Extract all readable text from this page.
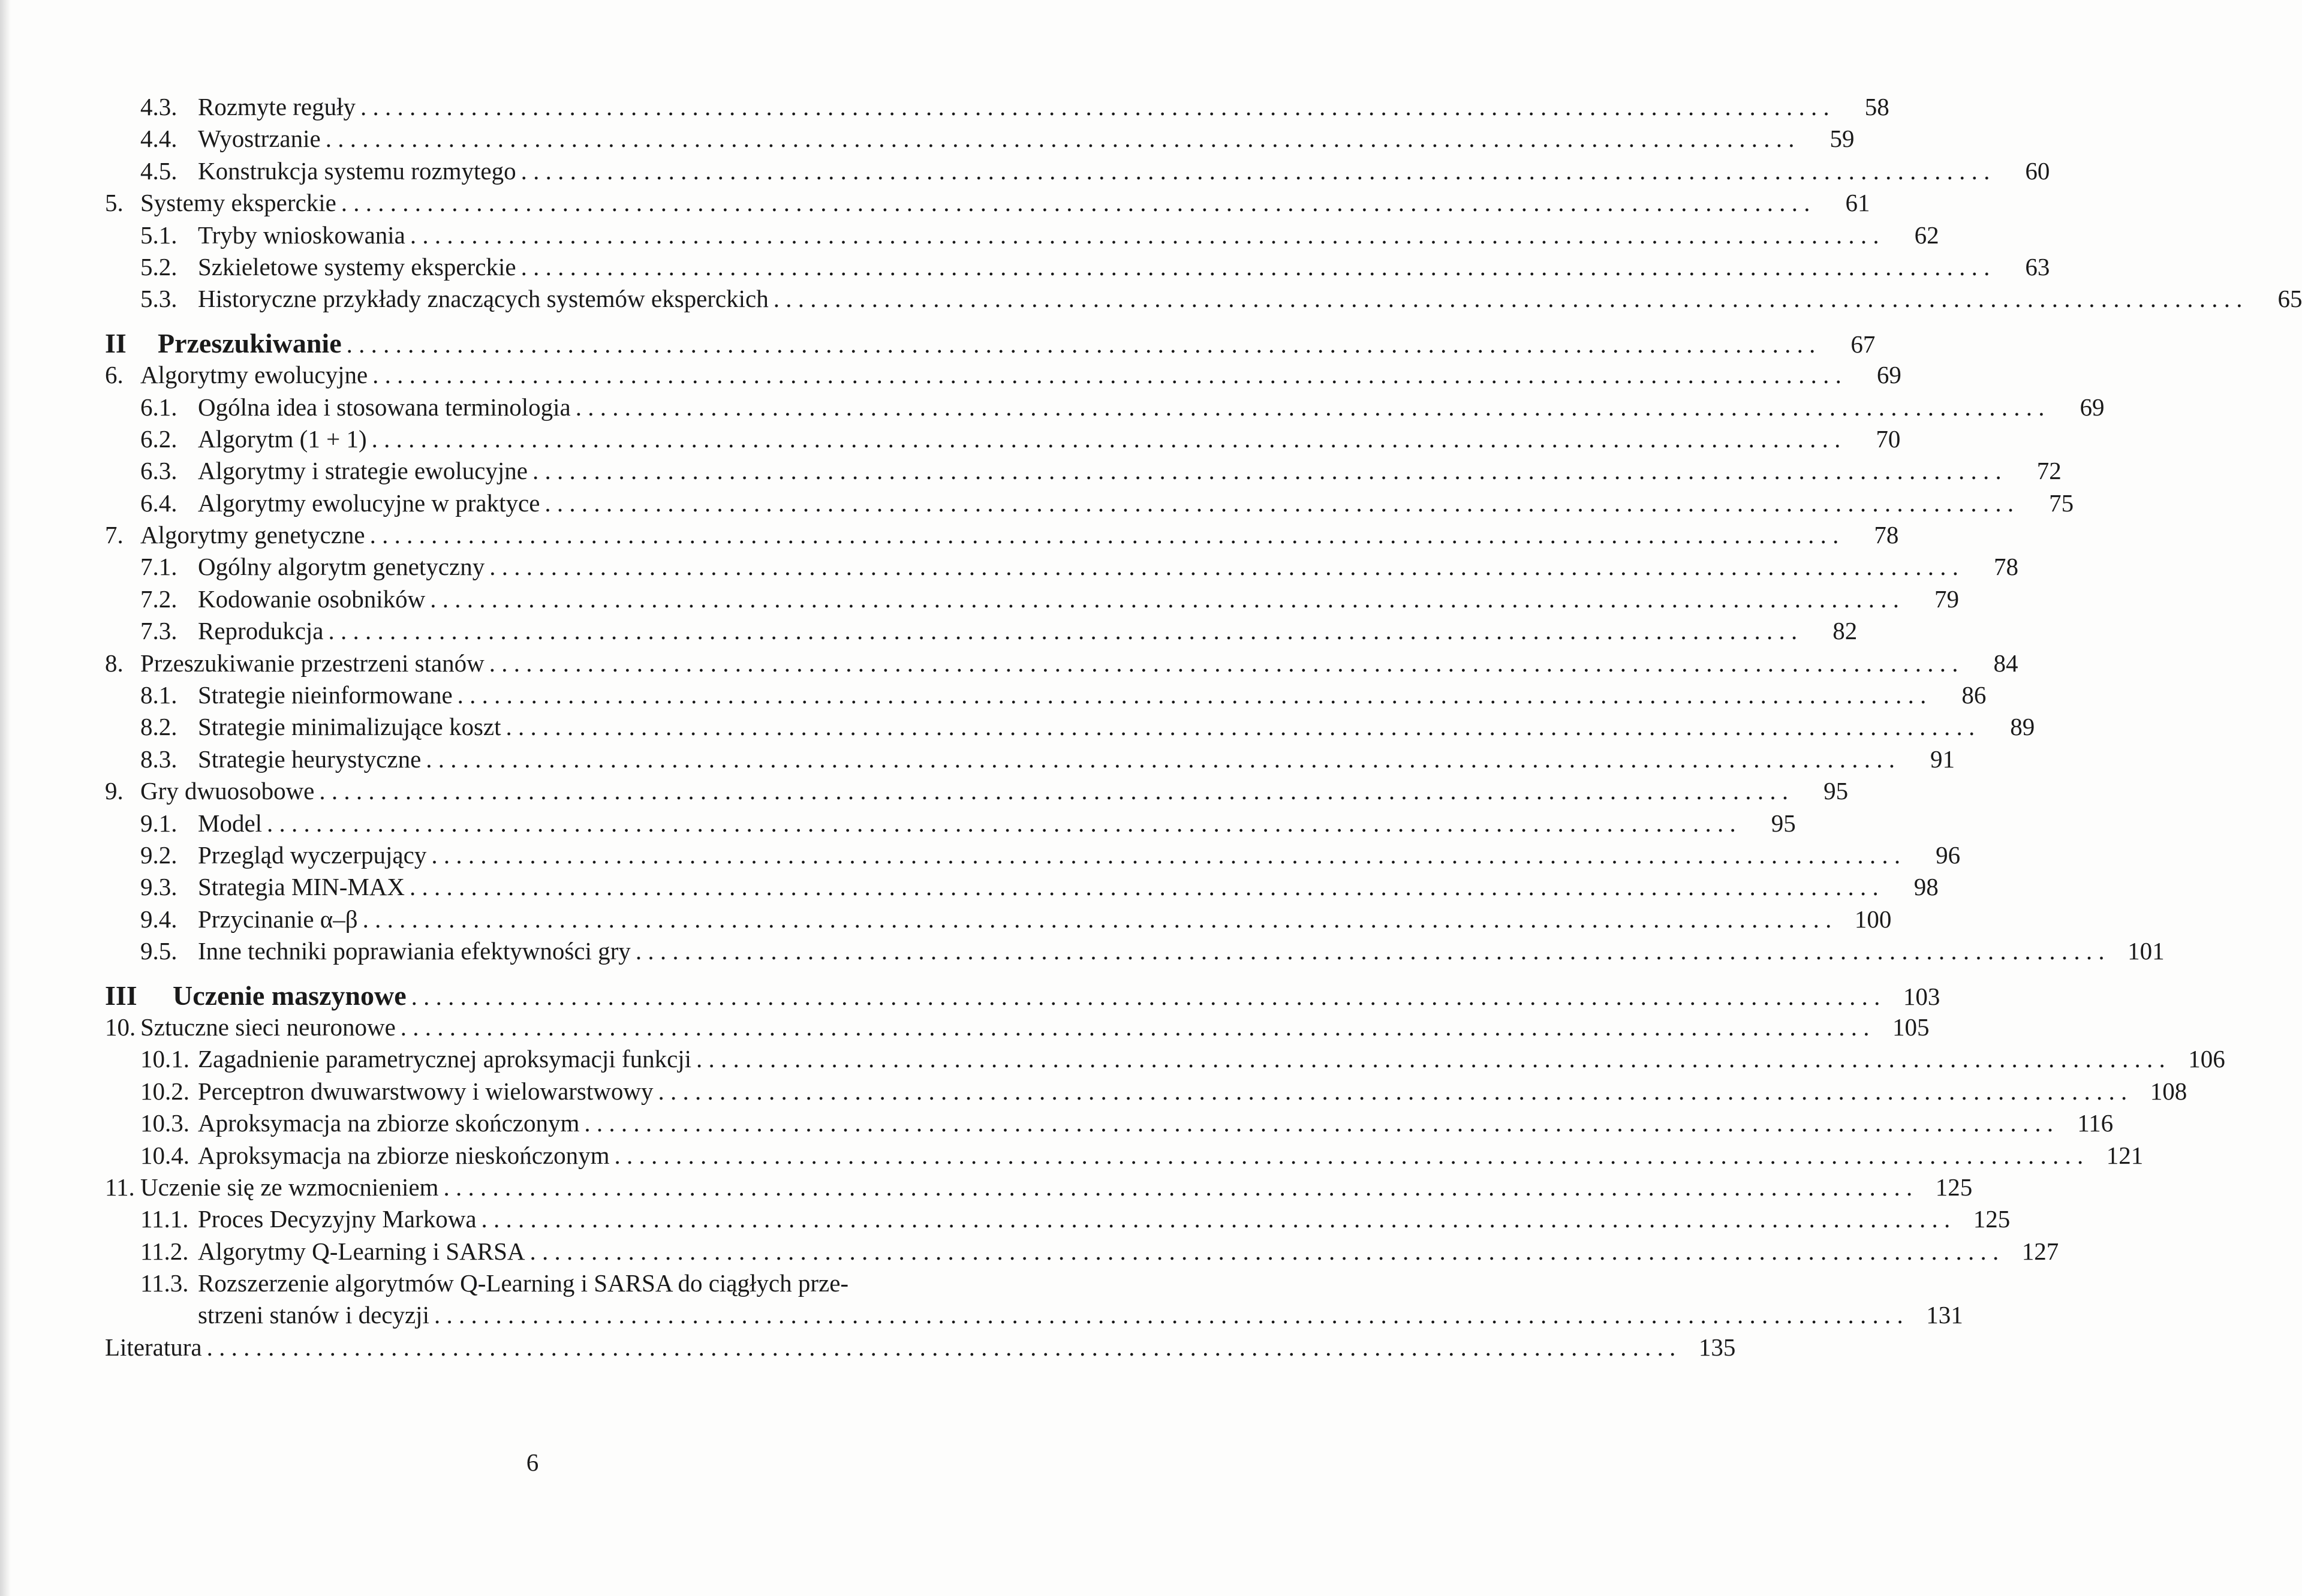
4.3. Rozmyte reguły . . . . . . . . . . . . . . . . . . . . . . . . . . . . . . . . . . . . . . . . . . . . . . . . . . . . . . . . . . . . . . . . . . . . . . . . . . . . . . . . . . . . . . . . . . . . . . . . . . . . . . . . . . . . . . . . . . . . . . . .	58
4.4. Wyostrzanie . . . . . . . . . . . . . . . . . . . . . . . . . . . . . . . . . . . . . . . . . . . . . . . . . . . . . . . . . . . . . . . . . . . . . . . . . . . . . . . . . . . . . . . . . . . . . . . . . . . . . . . . . . . . . . . . . . . . . . . .	59
4.5. Konstrukcja systemu rozmytego . . . . . . . . . . . . . . . . . . . . . . . . . . . . . . . . . . . . . . . . . . . . . . . . . . . . . . . . . . . . . . . . . . . . . . . . . . . . . . . . . . . . . . . . . . . . . . . . . . . . . . . . . . . . . . . . . . . . . . . .	60
5. Systemy eksperckie . . . . . . . . . . . . . . . . . . . . . . . . . . . . . . . . . . . . . . . . . . . . . . . . . . . . . . . . . . . . . . . . . . . . . . . . . . . . . . . . . . . . . . . . . . . . . . . . . . . . . . . . . . . . . . . . . . . . . . . .	61
5.1. Tryby wnioskowania . . . . . . . . . . . . . . . . . . . . . . . . . . . . . . . . . . . . . . . . . . . . . . . . . . . . . . . . . . . . . . . . . . . . . . . . . . . . . . . . . . . . . . . . . . . . . . . . . . . . . . . . . . . . . . . . . . . . . . . .	62
5.2. Szkieletowe systemy eksperckie . . . . . . . . . . . . . . . . . . . . . . . . . . . . . . . . . . . . . . . . . . . . . . . . . . . . . . . . . . . . . . . . . . . . . . . . . . . . . . . . . . . . . . . . . . . . . . . . . . . . . . . . . . . . . . . . . . . . . . . .	63
5.3. Historyczne przykłady znaczących systemów eksperckich . . . . . . . . . . . . . . . . . . . . . . . . . . . . . . . . . . . . . . . . . . . . . . . . . . . . . . . . . . . . . . . . . . . . . . . . . . . . . . . . . . . . . . . . . . . . . . . . . . . . . . . . . . . . . . . . . . . . . . . .	65
II	Przeszukiwanie . . . . . . . . . . . . . . . . . . . . . . . . . . . . . . . . . . . . . . . . . . . . . . . . . . . . . . . . . . . . . . . . . . . . . . . . . . . . . . . . . . . . . . . . . . . . . . . . . . . . . . . . . . . . . . . . . . . . . . . .	67
6. Algorytmy ewolucyjne . . . . . . . . . . . . . . . . . . . . . . . . . . . . . . . . . . . . . . . . . . . . . . . . . . . . . . . . . . . . . . . . . . . . . . . . . . . . . . . . . . . . . . . . . . . . . . . . . . . . . . . . . . . . . . . . . . . . . . . .	69
6.1. Ogólna idea i stosowana terminologia . . . . . . . . . . . . . . . . . . . . . . . . . . . . . . . . . . . . . . . . . . . . . . . . . . . . . . . . . . . . . . . . . . . . . . . . . . . . . . . . . . . . . . . . . . . . . . . . . . . . . . . . . . . . . . . . . . . . . . . .	69
6.2. Algorytm (1 + 1) . . . . . . . . . . . . . . . . . . . . . . . . . . . . . . . . . . . . . . . . . . . . . . . . . . . . . . . . . . . . . . . . . . . . . . . . . . . . . . . . . . . . . . . . . . . . . . . . . . . . . . . . . . . . . . . . . . . . . . . .	70
6.3. Algorytmy i strategie ewolucyjne . . . . . . . . . . . . . . . . . . . . . . . . . . . . . . . . . . . . . . . . . . . . . . . . . . . . . . . . . . . . . . . . . . . . . . . . . . . . . . . . . . . . . . . . . . . . . . . . . . . . . . . . . . . . . . . . . . . . . . . .	72
6.4. Algorytmy ewolucyjne w praktyce . . . . . . . . . . . . . . . . . . . . . . . . . . . . . . . . . . . . . . . . . . . . . . . . . . . . . . . . . . . . . . . . . . . . . . . . . . . . . . . . . . . . . . . . . . . . . . . . . . . . . . . . . . . . . . . . . . . . . . . .	75
7. Algorytmy genetyczne . . . . . . . . . . . . . . . . . . . . . . . . . . . . . . . . . . . . . . . . . . . . . . . . . . . . . . . . . . . . . . . . . . . . . . . . . . . . . . . . . . . . . . . . . . . . . . . . . . . . . . . . . . . . . . . . . . . . . . . .	78
7.1. Ogólny algorytm genetyczny . . . . . . . . . . . . . . . . . . . . . . . . . . . . . . . . . . . . . . . . . . . . . . . . . . . . . . . . . . . . . . . . . . . . . . . . . . . . . . . . . . . . . . . . . . . . . . . . . . . . . . . . . . . . . . . . . . . . . . . .	78
7.2. Kodowanie osobników . . . . . . . . . . . . . . . . . . . . . . . . . . . . . . . . . . . . . . . . . . . . . . . . . . . . . . . . . . . . . . . . . . . . . . . . . . . . . . . . . . . . . . . . . . . . . . . . . . . . . . . . . . . . . . . . . . . . . . . .	79
7.3. Reprodukcja . . . . . . . . . . . . . . . . . . . . . . . . . . . . . . . . . . . . . . . . . . . . . . . . . . . . . . . . . . . . . . . . . . . . . . . . . . . . . . . . . . . . . . . . . . . . . . . . . . . . . . . . . . . . . . . . . . . . . . . .	82
8. Przeszukiwanie przestrzeni stanów . . . . . . . . . . . . . . . . . . . . . . . . . . . . . . . . . . . . . . . . . . . . . . . . . . . . . . . . . . . . . . . . . . . . . . . . . . . . . . . . . . . . . . . . . . . . . . . . . . . . . . . . . . . . . . . . . . . . . . . .	84
8.1. Strategie nieinformowane . . . . . . . . . . . . . . . . . . . . . . . . . . . . . . . . . . . . . . . . . . . . . . . . . . . . . . . . . . . . . . . . . . . . . . . . . . . . . . . . . . . . . . . . . . . . . . . . . . . . . . . . . . . . . . . . . . . . . . . .	86
8.2. Strategie minimalizujące koszt . . . . . . . . . . . . . . . . . . . . . . . . . . . . . . . . . . . . . . . . . . . . . . . . . . . . . . . . . . . . . . . . . . . . . . . . . . . . . . . . . . . . . . . . . . . . . . . . . . . . . . . . . . . . . . . . . . . . . . . .	89
8.3. Strategie heurystyczne . . . . . . . . . . . . . . . . . . . . . . . . . . . . . . . . . . . . . . . . . . . . . . . . . . . . . . . . . . . . . . . . . . . . . . . . . . . . . . . . . . . . . . . . . . . . . . . . . . . . . . . . . . . . . . . . . . . . . . . .	91
9. Gry dwuosobowe . . . . . . . . . . . . . . . . . . . . . . . . . . . . . . . . . . . . . . . . . . . . . . . . . . . . . . . . . . . . . . . . . . . . . . . . . . . . . . . . . . . . . . . . . . . . . . . . . . . . . . . . . . . . . . . . . . . . . . . .	95
9.1. Model . . . . . . . . . . . . . . . . . . . . . . . . . . . . . . . . . . . . . . . . . . . . . . . . . . . . . . . . . . . . . . . . . . . . . . . . . . . . . . . . . . . . . . . . . . . . . . . . . . . . . . . . . . . . . . . . . . . . . . . .	95
9.2. Przegląd wyczerpujący . . . . . . . . . . . . . . . . . . . . . . . . . . . . . . . . . . . . . . . . . . . . . . . . . . . . . . . . . . . . . . . . . . . . . . . . . . . . . . . . . . . . . . . . . . . . . . . . . . . . . . . . . . . . . . . . . . . . . . . .	96
9.3. Strategia MIN-MAX . . . . . . . . . . . . . . . . . . . . . . . . . . . . . . . . . . . . . . . . . . . . . . . . . . . . . . . . . . . . . . . . . . . . . . . . . . . . . . . . . . . . . . . . . . . . . . . . . . . . . . . . . . . . . . . . . . . . . . . .	98
9.4. Przycinanie α–β . . . . . . . . . . . . . . . . . . . . . . . . . . . . . . . . . . . . . . . . . . . . . . . . . . . . . . . . . . . . . . . . . . . . . . . . . . . . . . . . . . . . . . . . . . . . . . . . . . . . . . . . . . . . . . . . . . . . . . . . 100
9.5. Inne techniki poprawiania efektywności gry . . . . . . . . . . . . . . . . . . . . . . . . . . . . . . . . . . . . . . . . . . . . . . . . . . . . . . . . . . . . . . . . . . . . . . . . . . . . . . . . . . . . . . . . . . . . . . . . . . . . . . . . . . . . . . . . . . . . . . . . 101
III	Uczenie maszynowe . . . . . . . . . . . . . . . . . . . . . . . . . . . . . . . . . . . . . . . . . . . . . . . . . . . . . . . . . . . . . . . . . . . . . . . . . . . . . . . . . . . . . . . . . . . . . . . . . . . . . . . . . . . . . . . . . . . . . . . . 103
10. Sztuczne sieci neuronowe . . . . . . . . . . . . . . . . . . . . . . . . . . . . . . . . . . . . . . . . . . . . . . . . . . . . . . . . . . . . . . . . . . . . . . . . . . . . . . . . . . . . . . . . . . . . . . . . . . . . . . . . . . . . . . . . . . . . . . . . 105
10.1. Zagadnienie parametrycznej aproksymacji funkcji . . . . . . . . . . . . . . . . . . . . . . . . . . . . . . . . . . . . . . . . . . . . . . . . . . . . . . . . . . . . . . . . . . . . . . . . . . . . . . . . . . . . . . . . . . . . . . . . . . . . . . . . . . . . . . . . . . . . . . . . 106
10.2. Perceptron dwuwarstwowy i wielowarstwowy . . . . . . . . . . . . . . . . . . . . . . . . . . . . . . . . . . . . . . . . . . . . . . . . . . . . . . . . . . . . . . . . . . . . . . . . . . . . . . . . . . . . . . . . . . . . . . . . . . . . . . . . . . . . . . . . . . . . . . . . 108
10.3. Aproksymacja na zbiorze skończonym . . . . . . . . . . . . . . . . . . . . . . . . . . . . . . . . . . . . . . . . . . . . . . . . . . . . . . . . . . . . . . . . . . . . . . . . . . . . . . . . . . . . . . . . . . . . . . . . . . . . . . . . . . . . . . . . . . . . . . . . 116
10.4. Aproksymacja na zbiorze nieskończonym . . . . . . . . . . . . . . . . . . . . . . . . . . . . . . . . . . . . . . . . . . . . . . . . . . . . . . . . . . . . . . . . . . . . . . . . . . . . . . . . . . . . . . . . . . . . . . . . . . . . . . . . . . . . . . . . . . . . . . . . 121
11. Uczenie się ze wzmocnieniem . . . . . . . . . . . . . . . . . . . . . . . . . . . . . . . . . . . . . . . . . . . . . . . . . . . . . . . . . . . . . . . . . . . . . . . . . . . . . . . . . . . . . . . . . . . . . . . . . . . . . . . . . . . . . . . . . . . . . . . . 125
11.1. Proces Decyzyjny Markowa . . . . . . . . . . . . . . . . . . . . . . . . . . . . . . . . . . . . . . . . . . . . . . . . . . . . . . . . . . . . . . . . . . . . . . . . . . . . . . . . . . . . . . . . . . . . . . . . . . . . . . . . . . . . . . . . . . . . . . . . 125
11.2. Algorytmy Q-Learning i SARSA . . . . . . . . . . . . . . . . . . . . . . . . . . . . . . . . . . . . . . . . . . . . . . . . . . . . . . . . . . . . . . . . . . . . . . . . . . . . . . . . . . . . . . . . . . . . . . . . . . . . . . . . . . . . . . . . . . . . . . . . 127
11.3. Rozszerzenie algorytmów Q-Learning i SARSA do ciągłych prze-
strzeni stanów i decyzji . . . . . . . . . . . . . . . . . . . . . . . . . . . . . . . . . . . . . . . . . . . . . . . . . . . . . . . . . . . . . . . . . . . . . . . . . . . . . . . . . . . . . . . . . . . . . . . . . . . . . . . . . . . . . . . . . . . . . . . . 131
Literatura . . . . . . . . . . . . . . . . . . . . . . . . . . . . . . . . . . . . . . . . . . . . . . . . . . . . . . . . . . . . . . . . . . . . . . . . . . . . . . . . . . . . . . . . . . . . . . . . . . . . . . . . . . . . . . . . . . . . . . . . 135
6
